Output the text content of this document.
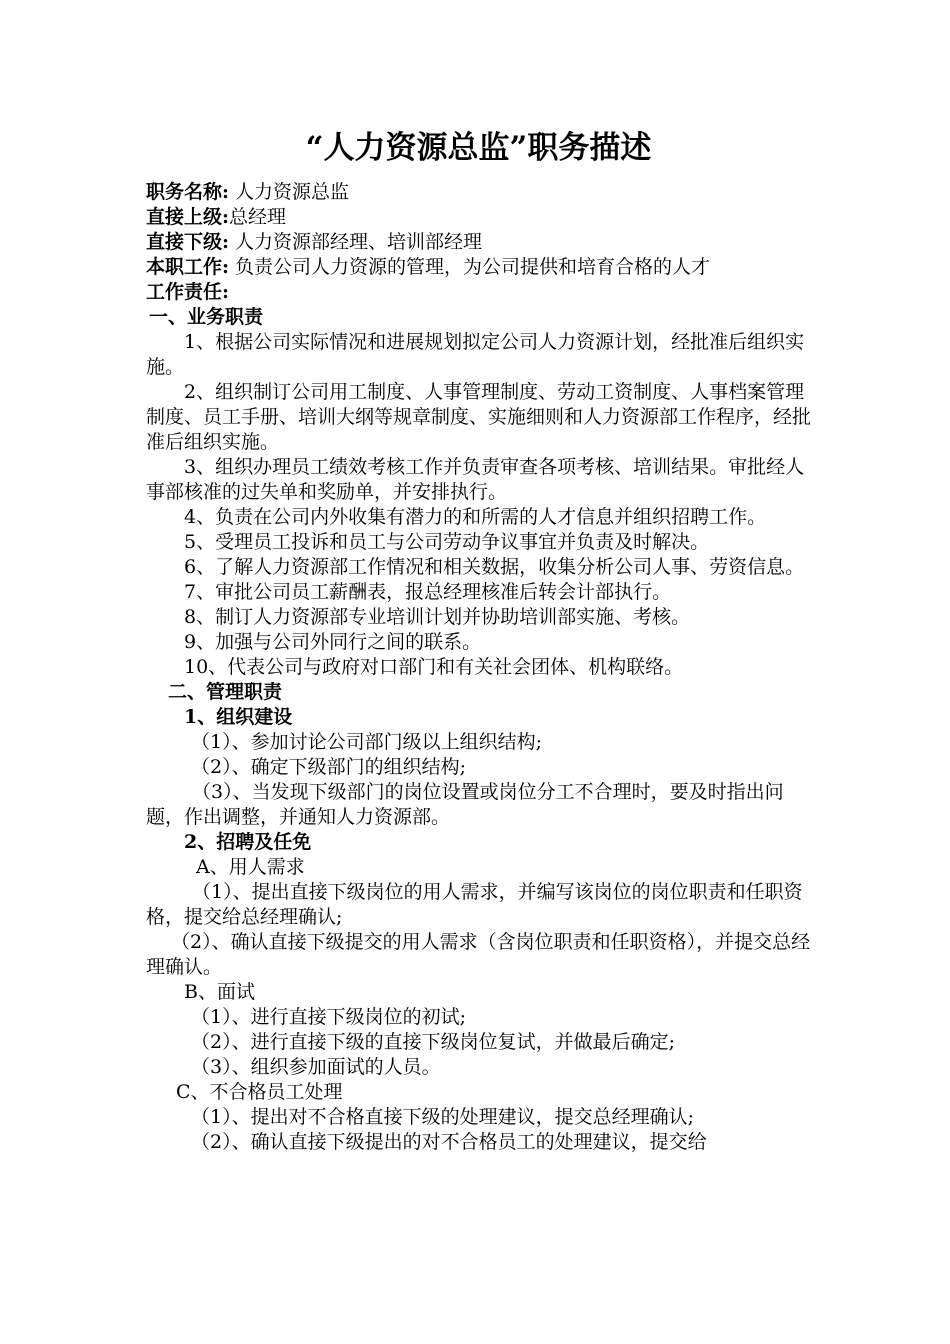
“人力资源总监”职务描述

职务名称: 人力资源总监

直接上级:总经理

直接下级: 人力资源部经理、培训部经理

本职工作: 负责公司人力资源的管理，为公司提供和培育合格的人才

工作责任:

一、业务职责

1、根据公司实际情况和进展规划拟定公司人力资源计划，经批准后组织实施。

2、组织制订公司用工制度、人事管理制度、劳动工资制度、人事档案管理制度、员工手册、培训大纲等规章制度、实施细则和人力资源部工作程序，经批准后组织实施。

3、组织办理员工绩效考核工作并负责审查各项考核、培训结果。审批经人事部核准的过失单和奖励单，并安排执行。

4、负责在公司内外收集有潜力的和所需的人才信息并组织招聘工作。

5、受理员工投诉和员工与公司劳动争议事宜并负责及时解决。

6、了解人力资源部工作情况和相关数据，收集分析公司人事、劳资信息。

7、审批公司员工薪酬表，报总经理核准后转会计部执行。

8、制订人力资源部专业培训计划并协助培训部实施、考核。

9、加强与公司外同行之间的联系。

10、代表公司与政府对口部门和有关社会团体、机构联络。

二、管理职责

1、组织建设

（1）、参加讨论公司部门级以上组织结构;

（2）、确定下级部门的组织结构;

（3）、当发现下级部门的岗位设置或岗位分工不合理时，要及时指出问题，作出调整，并通知人力资源部。

2、招聘及任免

A、用人需求

（1）、提出直接下级岗位的用人需求，并编写该岗位的岗位职责和任职资格，提交给总经理确认;

（2）、确认直接下级提交的用人需求（含岗位职责和任职资格），并提交总经理确认。

B、面试

（1）、进行直接下级岗位的初试;

（2）、进行直接下级的直接下级岗位复试，并做最后确定;

（3）、组织参加面试的人员。

C、不合格员工处理

（1）、提出对不合格直接下级的处理建议，提交总经理确认;

（2）、确认直接下级提出的对不合格员工的处理建议，提交给
